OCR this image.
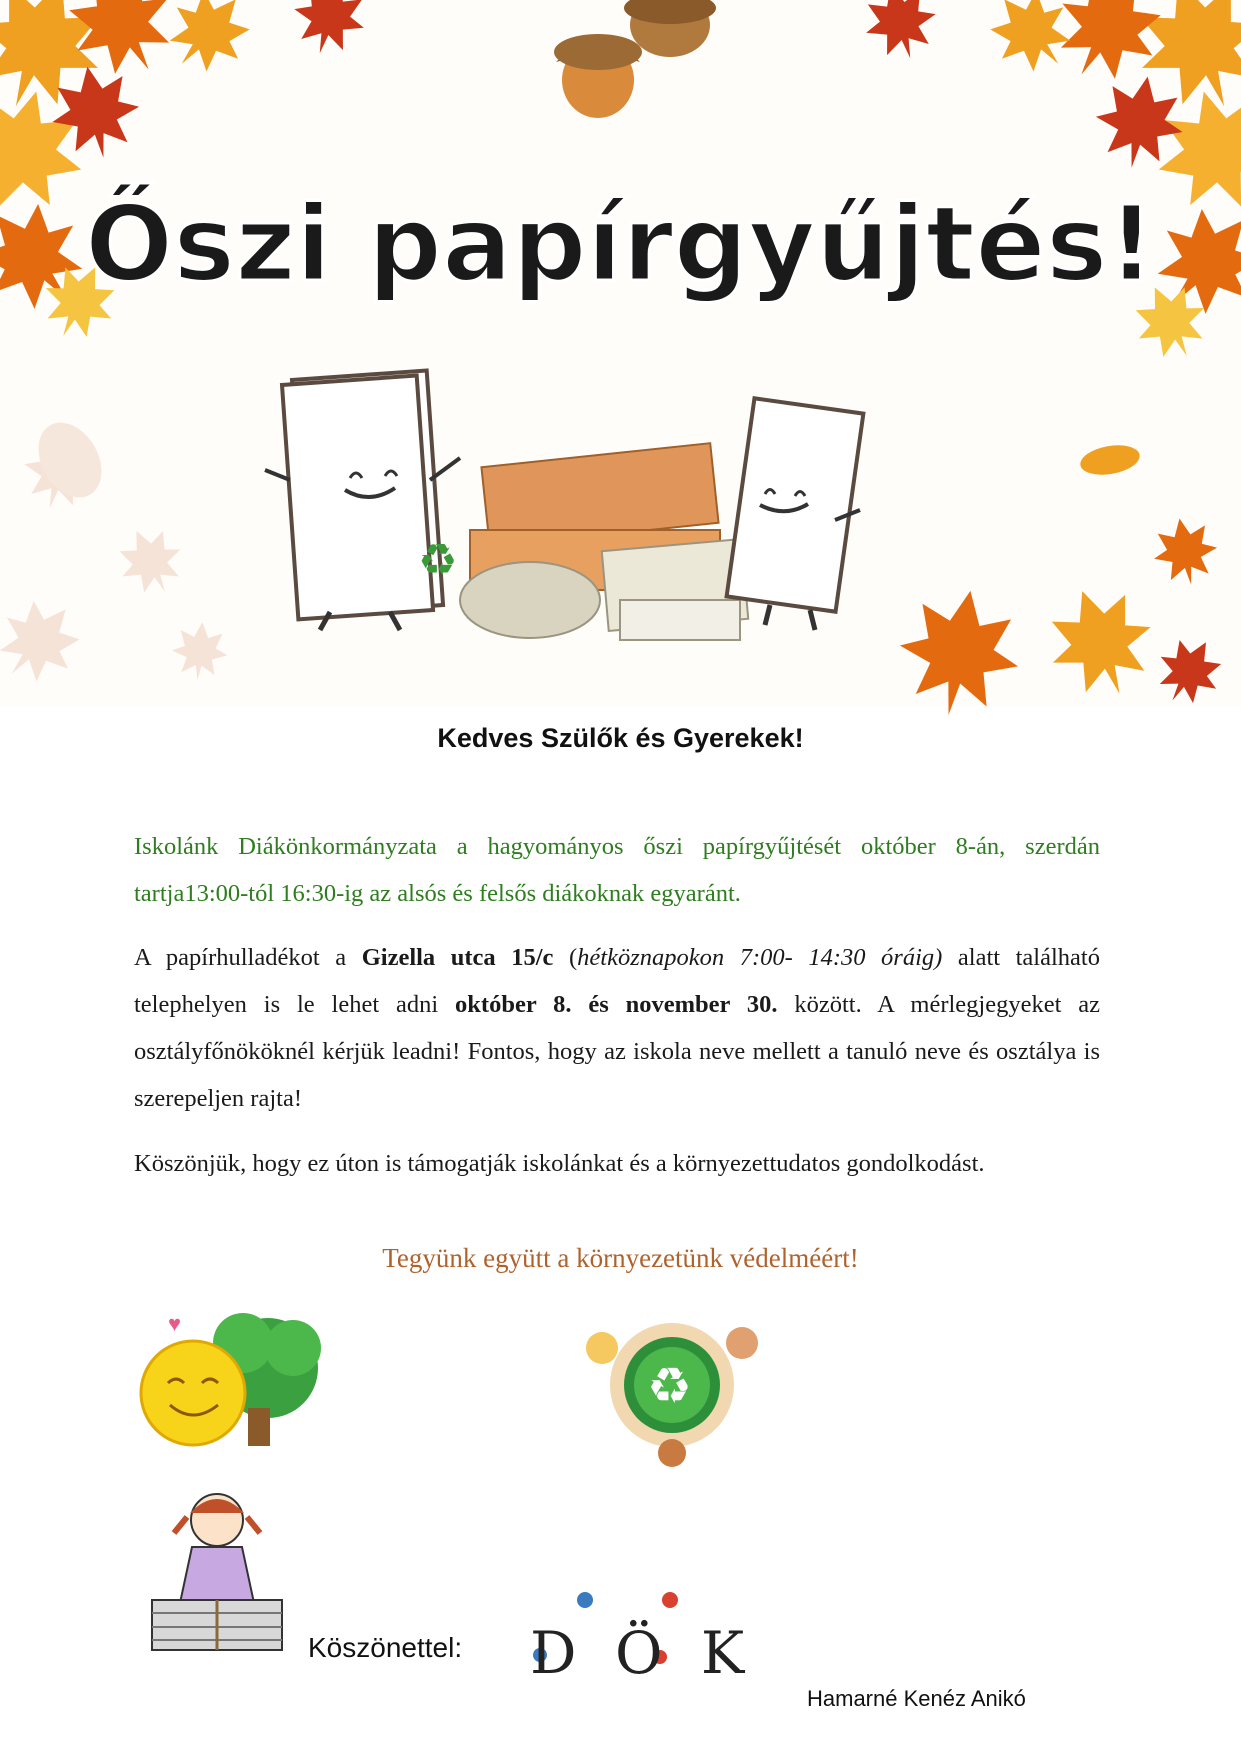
Őszi papírgyűjtés!
♻
Kedves Szülők és Gyerekek!
Iskolánk Diákönkormányzata a hagyományos őszi papírgyűjtését október 8-án, szerdán tartja13:00-tól 16:30-ig az alsós és felsős diákoknak egyaránt.
A papírhulladékot a Gizella utca 15/c (hétköznapokon 7:00- 14:30 óráig) alatt található telephelyen is le lehet adni október 8. és november 30. között. A mérlegjegyeket az osztályfőnököknél kérjük leadni! Fontos, hogy az iskola neve mellett a tanuló neve és osztálya is szerepeljen rajta!
Köszönjük, hogy ez úton is támogatják iskolánkat és a környezettudatos gondolkodást.
Tegyünk együtt a környezetünk védelméért!
♥
♻
Köszönettel: D Ö K
Hamarné Kenéz Anikó
